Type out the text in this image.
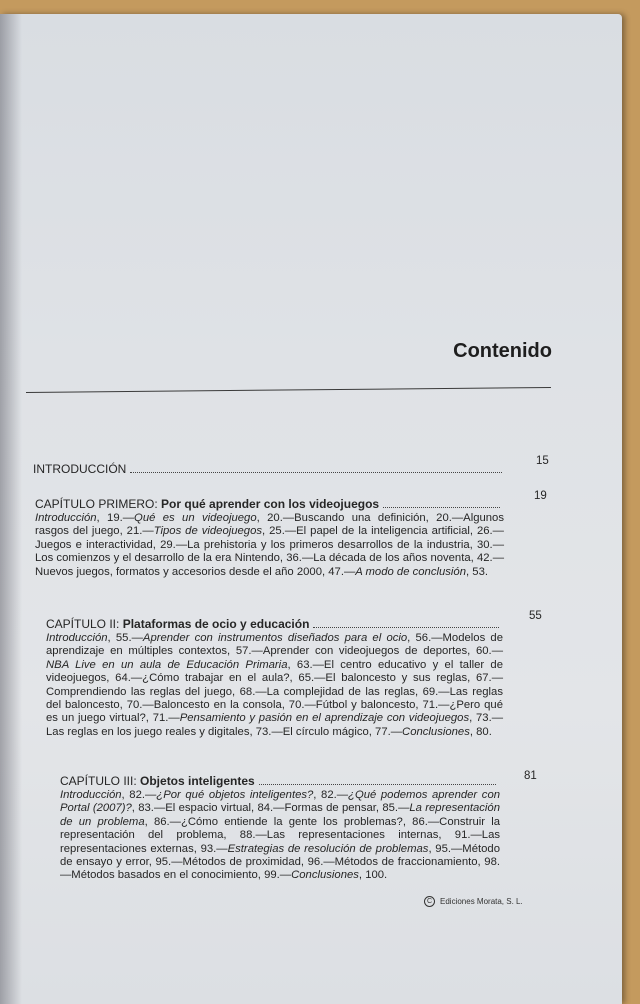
Contenido
INTRODUCCIÓN
15
CAPÍTULO PRIMERO: Por qué aprender con los videojuegos
Introducción, 19.—Qué es un videojuego, 20.—Buscando una definición, 20.—Algunos rasgos del juego, 21.—Tipos de videojuegos, 25.—El papel de la inteligencia artificial, 26.—Juegos e interactividad, 29.—La prehistoria y los primeros desarrollos de la industria, 30.—Los comienzos y el desarrollo de la era Nintendo, 36.—La década de los años noventa, 42.—Nuevos juegos, formatos y accesorios desde el año 2000, 47.—A modo de conclusión, 53.
19
CAPÍTULO II: Plataformas de ocio y educación
Introducción, 55.—Aprender con instrumentos diseñados para el ocio, 56.—Modelos de aprendizaje en múltiples contextos, 57.—Aprender con videojuegos de deportes, 60.—NBA Live en un aula de Educación Primaria, 63.—El centro educativo y el taller de videojuegos, 64.—¿Cómo trabajar en el aula?, 65.—El baloncesto y sus reglas, 67.—Comprendiendo las reglas del juego, 68.—La complejidad de las reglas, 69.—Las reglas del baloncesto, 70.—Baloncesto en la consola, 70.—Fútbol y baloncesto, 71.—¿Pero qué es un juego virtual?, 71.—Pensamiento y pasión en el aprendizaje con videojuegos, 73.—Las reglas en los juego reales y digitales, 73.—El círculo mágico, 77.—Conclusiones, 80.
55
CAPÍTULO III: Objetos inteligentes
Introducción, 82.—¿Por qué objetos inteligentes?, 82.—¿Qué podemos aprender con Portal (2007)?, 83.—El espacio virtual, 84.—Formas de pensar, 85.—La representación de un problema, 86.—¿Cómo entiende la gente los problemas?, 86.—Construir la representación del problema, 88.—Las representaciones internas, 91.—Las representaciones externas, 93.—Estrategias de resolución de problemas, 95.—Método de ensayo y error, 95.—Métodos de proximidad, 96.—Métodos de fraccionamiento, 98.—Métodos basados en el conocimiento, 99.—Conclusiones, 100.
81
C Ediciones Morata, S. L.
